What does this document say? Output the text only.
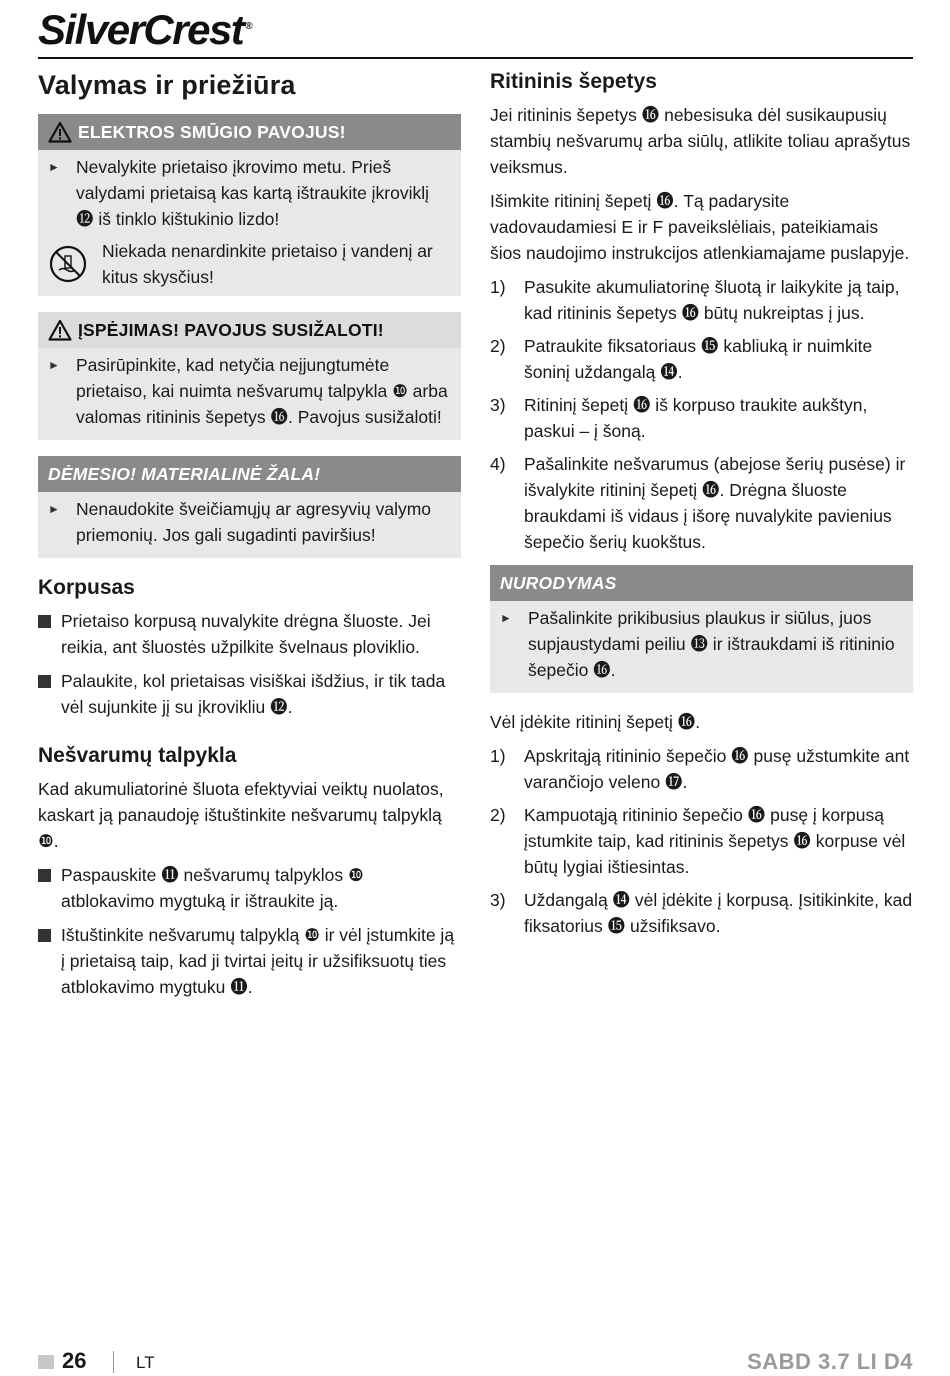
SilverCrest ®
Valymas ir priežiūra
ELEKTROS SMŪGIO PAVOJUS!
► Nevalykite prietaiso įkrovimo metu. Prieš valydami prietaisą kas kartą ištraukite įkroviklį ⓬ iš tinklo kištukinio lizdo!
Niekada nenardinkite prietaiso į vandenį ar kitus skysčius!
ĮSPĖJIMAS! PAVOJUS SUSIŽALOTI!
► Pasirūpinkite, kad netyčia neįjungtumėte prietaiso, kai nuimta nešvarumų talpykla ❿ arba valomas ritininis šepetys ⓰. Pavojus susižaloti!
DĖMESIO! MATERIALINĖ ŽALA!
► Nenaudokite šveičiamųjų ar agresyvių valymo priemonių. Jos gali sugadinti paviršius!
Korpusas
Prietaiso korpusą nuvalykite drėgna šluoste. Jei reikia, ant šluostės užpilkite švelnaus ploviklio.
Palaukite, kol prietaisas visiškai išdžius, ir tik tada vėl sujunkite jį su įkrovikliu ⓬.
Nešvarumų talpykla

Kad akumuliatorinė šluota efektyviai veiktų nuolatos, kaskart ją panaudoję ištuštinkite nešvarumų talpyklą ❿.

Paspauskite ⓫ nešvarumų talpyklos ❿ atblokavimo mygtuką ir ištraukite ją.
Ištuštinkite nešvarumų talpyklą ❿ ir vėl įstumkite ją į prietaisą taip, kad ji tvirtai įeitų ir užsifiksuotų ties atblokavimo mygtuku ⓫.
Ritininis šepetys

Jei ritininis šepetys ⓰ nebesisuka dėl susikaupusių stambių nešvarumų arba siūlų, atlikite toliau aprašytus veiksmus.

Išimkite ritininį šepetį ⓰. Tą padarysite vadovaudamiesi E ir F paveikslėliais, pateikiamais šios naudojimo instrukcijos atlenkiamajame puslapyje.

1)	Pasukite akumuliatorinę šluotą ir laikykite ją taip, kad ritininis šepetys ⓰ būtų nukreiptas į jus.
2)	Patraukite fiksatoriaus ⓯ kabliuką ir nuimkite šoninį uždangalą ⓮.
3)	Ritininį šepetį ⓰ iš korpuso traukite aukštyn, paskui – į šoną.
4)	Pašalinkite nešvarumus (abejose šerių pusėse) ir išvalykite ritininį šepetį ⓰. Drėgna šluoste braukdami iš vidaus į išorę nuvalykite pavienius šepečio šerių kuokštus.
NURODYMAS
► Pašalinkite prikibusius plaukus ir siūlus, juos supjaustydami peiliu ⓭ ir ištraukdami iš ritininio šepečio ⓰.

Vėl įdėkite ritininį šepetį ⓰.

1)	Apskritąją ritininio šepečio ⓰ pusę užstumkite ant varančiojo veleno ⓱.
2)	Kampuotąją ritininio šepečio ⓰ pusę į korpusą įstumkite taip, kad ritininis šepetys ⓰ korpuse vėl būtų lygiai ištiesintas.
3)	Uždangalą ⓮ vėl įdėkite į korpusą. Įsitikinkite, kad fiksatorius ⓯ užsifiksavo.
26	LT	SABD 3.7 LI D4
